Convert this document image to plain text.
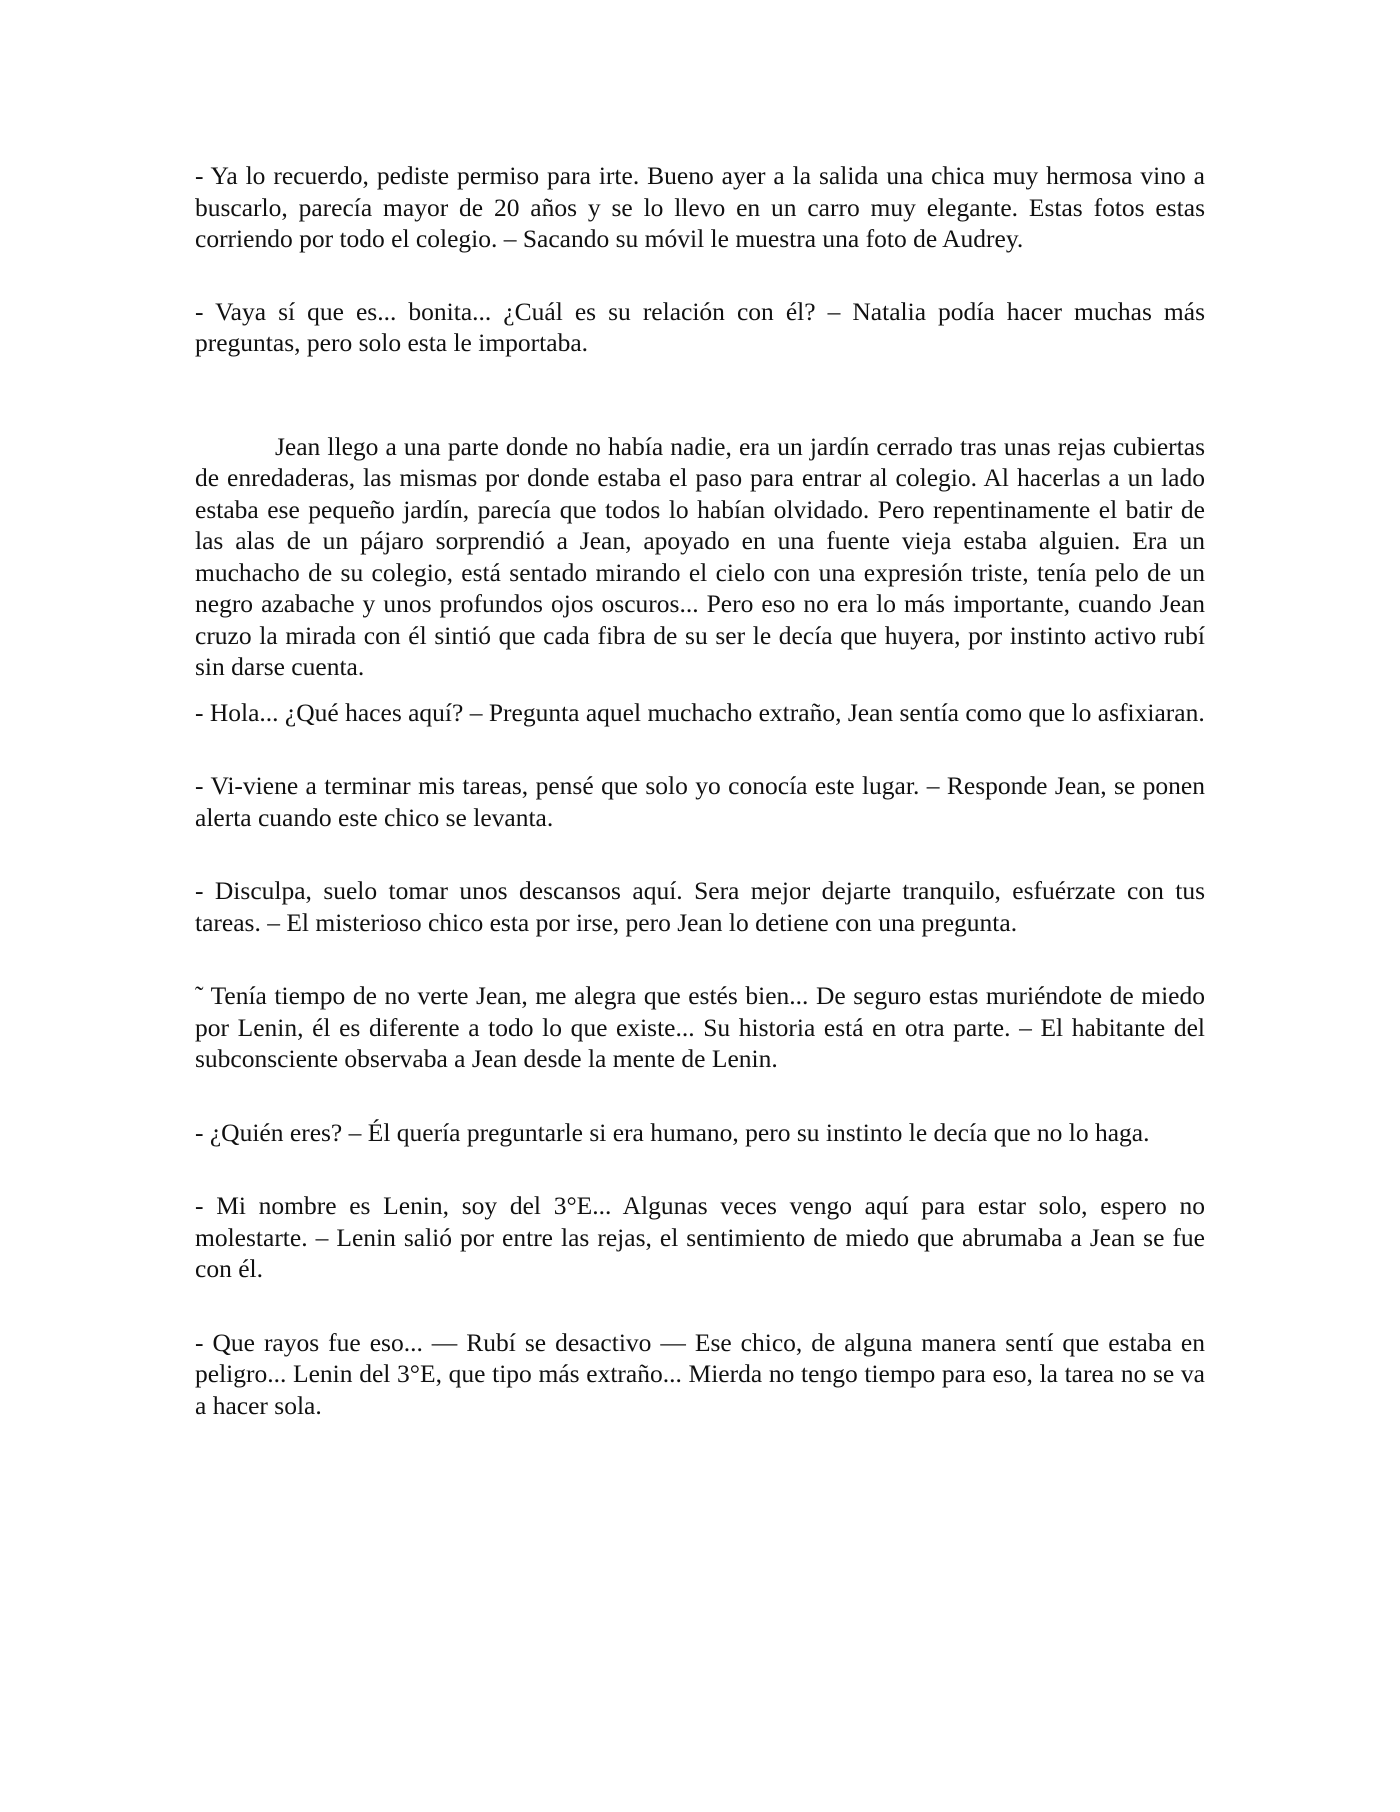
- Ya lo recuerdo, pediste permiso para irte. Bueno ayer a la salida una chica muy hermosa vino a buscarlo, parecía mayor de 20 años y se lo llevo en un carro muy elegante. Estas fotos estas corriendo por todo el colegio. – Sacando su móvil le muestra una foto de Audrey.

- Vaya sí que es... bonita... ¿Cuál es su relación con él? – Natalia podía hacer muchas más preguntas, pero solo esta le importaba.

Jean llego a una parte donde no había nadie, era un jardín cerrado tras unas rejas cubiertas de enredaderas, las mismas por donde estaba el paso para entrar al colegio. Al hacerlas a un lado estaba ese pequeño jardín, parecía que todos lo habían olvidado. Pero repentinamente el batir de las alas de un pájaro sorprendió a Jean, apoyado en una fuente vieja estaba alguien. Era un muchacho de su colegio, está sentado mirando el cielo con una expresión triste, tenía pelo de un negro azabache y unos profundos ojos oscuros... Pero eso no era lo más importante, cuando Jean cruzo la mirada con él sintió que cada fibra de su ser le decía que huyera, por instinto activo rubí sin darse cuenta.

- Hola... ¿Qué haces aquí? – Pregunta aquel muchacho extraño, Jean sentía como que lo asfixiaran.

- Vi-viene a terminar mis tareas, pensé que solo yo conocía este lugar. – Responde Jean, se ponen alerta cuando este chico se levanta.

- Disculpa, suelo tomar unos descansos aquí. Sera mejor dejarte tranquilo, esfuérzate con tus tareas. – El misterioso chico esta por irse, pero Jean lo detiene con una pregunta.

˜ Tenía tiempo de no verte Jean, me alegra que estés bien... De seguro estas muriéndote de miedo por Lenin, él es diferente a todo lo que existe... Su historia está en otra parte. – El habitante del subconsciente observaba a Jean desde la mente de Lenin.

- ¿Quién eres? – Él quería preguntarle si era humano, pero su instinto le decía que no lo haga.

- Mi nombre es Lenin, soy del 3°E... Algunas veces vengo aquí para estar solo, espero no molestarte. – Lenin salió por entre las rejas, el sentimiento de miedo que abrumaba a Jean se fue con él.

- Que rayos fue eso... — Rubí se desactivo — Ese chico, de alguna manera sentí que estaba en peligro... Lenin del 3°E, que tipo más extraño... Mierda no tengo tiempo para eso, la tarea no se va a hacer sola.
